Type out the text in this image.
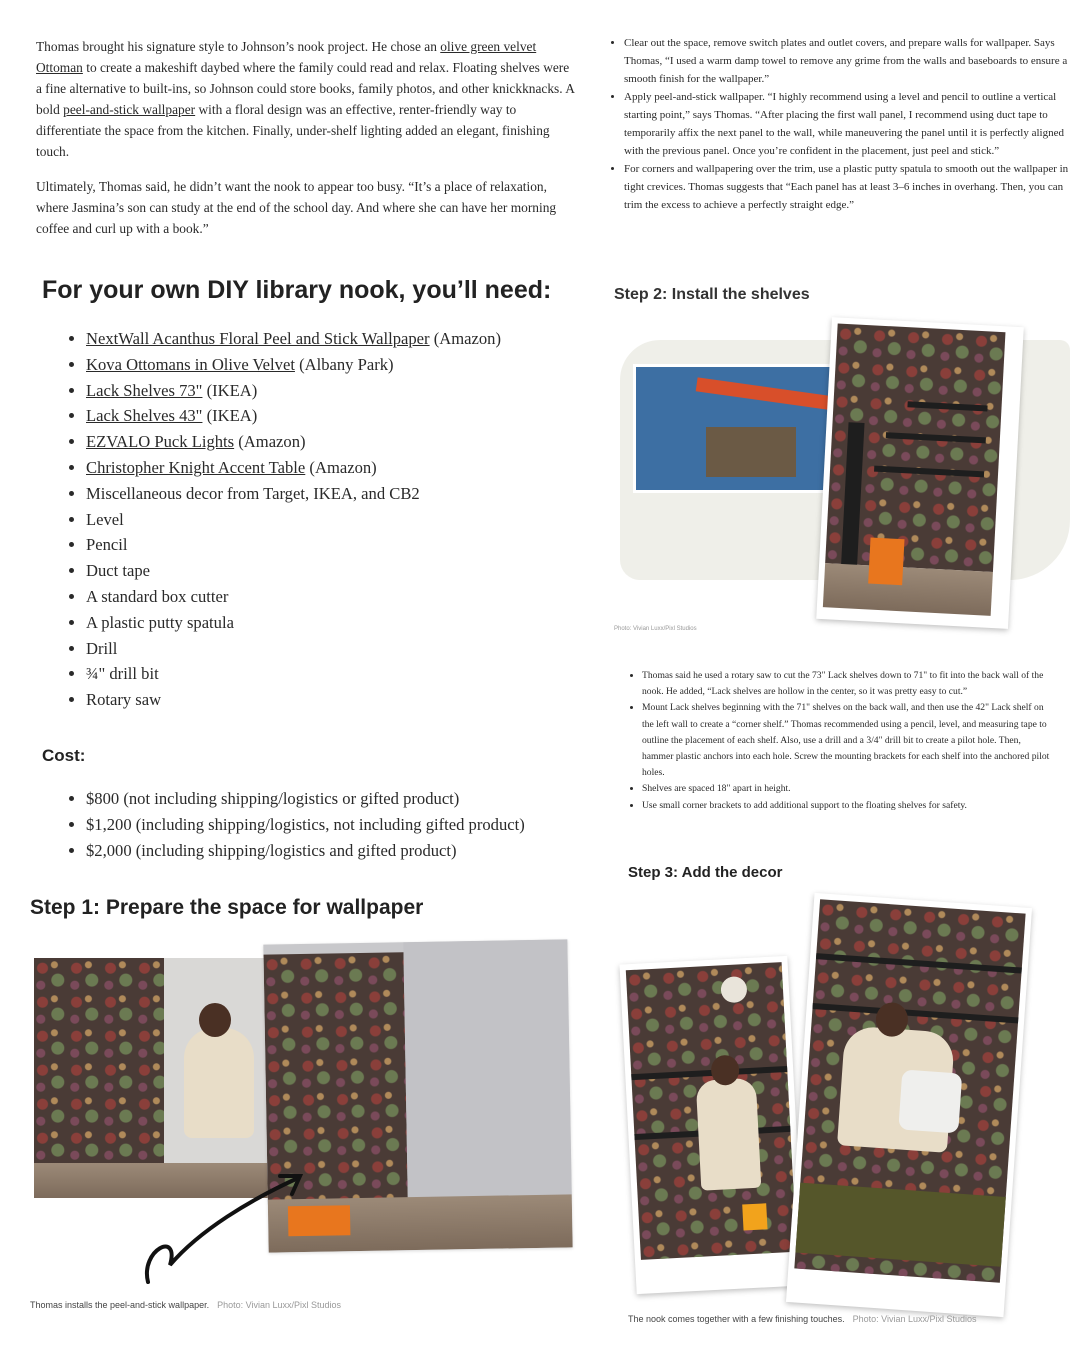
Thomas brought his signature style to Johnson’s nook project. He chose an olive green velvet Ottoman to create a makeshift daybed where the family could read and relax. Floating shelves were a fine alternative to built-ins, so Johnson could store books, family photos, and other knickknacks. A bold peel-and-stick wallpaper with a floral design was an effective, renter-friendly way to differentiate the space from the kitchen. Finally, under-shelf lighting added an elegant, finishing touch.

Ultimately, Thomas said, he didn’t want the nook to appear too busy. “It’s a place of relaxation, where Jasmina’s son can study at the end of the school day. And where she can have her morning coffee and curl up with a book.”

• Clear out the space, remove switch plates and outlet covers, and prepare walls for wallpaper. Says Thomas, “I used a warm damp towel to remove any grime from the walls and baseboards to ensure a smooth finish for the wallpaper.”
• Apply peel-and-stick wallpaper. “I highly recommend using a level and pencil to outline a vertical starting point,” says Thomas. “After placing the first wall panel, I recommend using duct tape to temporarily affix the next panel to the wall, while maneuvering the panel until it is perfectly aligned with the previous panel. Once you’re confident in the placement, just peel and stick.”
• For corners and wallpapering over the trim, use a plastic putty spatula to smooth out the wallpaper in tight crevices. Thomas suggests that “Each panel has at least 3–6 inches in overhang. Then, you can trim the excess to achieve a perfectly straight edge.”
For your own DIY library nook, you’ll need:
• NextWall Acanthus Floral Peel and Stick Wallpaper (Amazon)
• Kova Ottomans in Olive Velvet (Albany Park)
• Lack Shelves 73" (IKEA)
• Lack Shelves 43" (IKEA)
• EZVALO Puck Lights (Amazon)
• Christopher Knight Accent Table (Amazon)
• Miscellaneous decor from Target, IKEA, and CB2
• Level
• Pencil
• Duct tape
• A standard box cutter
• A plastic putty spatula
• Drill
• ¾" drill bit
• Rotary saw
Cost:
• $800 (not including shipping/logistics or gifted product)
• $1,200 (including shipping/logistics, not including gifted product)
• $2,000 (including shipping/logistics and gifted product)
Step 1: Prepare the space for wallpaper
Thomas installs the peel-and-stick wallpaper. Photo: Vivian Luxx/Pixl Studios
Step 2: Install the shelves
Photo: Vivian Luxx/Pixl Studios
• Thomas said he used a rotary saw to cut the 73" Lack shelves down to 71" to fit into the back wall of the nook. He added, “Lack shelves are hollow in the center, so it was pretty easy to cut.”
• Mount Lack shelves beginning with the 71" shelves on the back wall, and then use the 42" Lack shelf on the left wall to create a “corner shelf.” Thomas recommended using a pencil, level, and measuring tape to outline the placement of each shelf. Also, use a drill and a 3/4" drill bit to create a pilot hole. Then, hammer plastic anchors into each hole. Screw the mounting brackets for each shelf into the anchored pilot holes.
• Shelves are spaced 18" apart in height.
• Use small corner brackets to add additional support to the floating shelves for safety.
Step 3: Add the decor
The nook comes together with a few finishing touches. Photo: Vivian Luxx/Pixl Studios
